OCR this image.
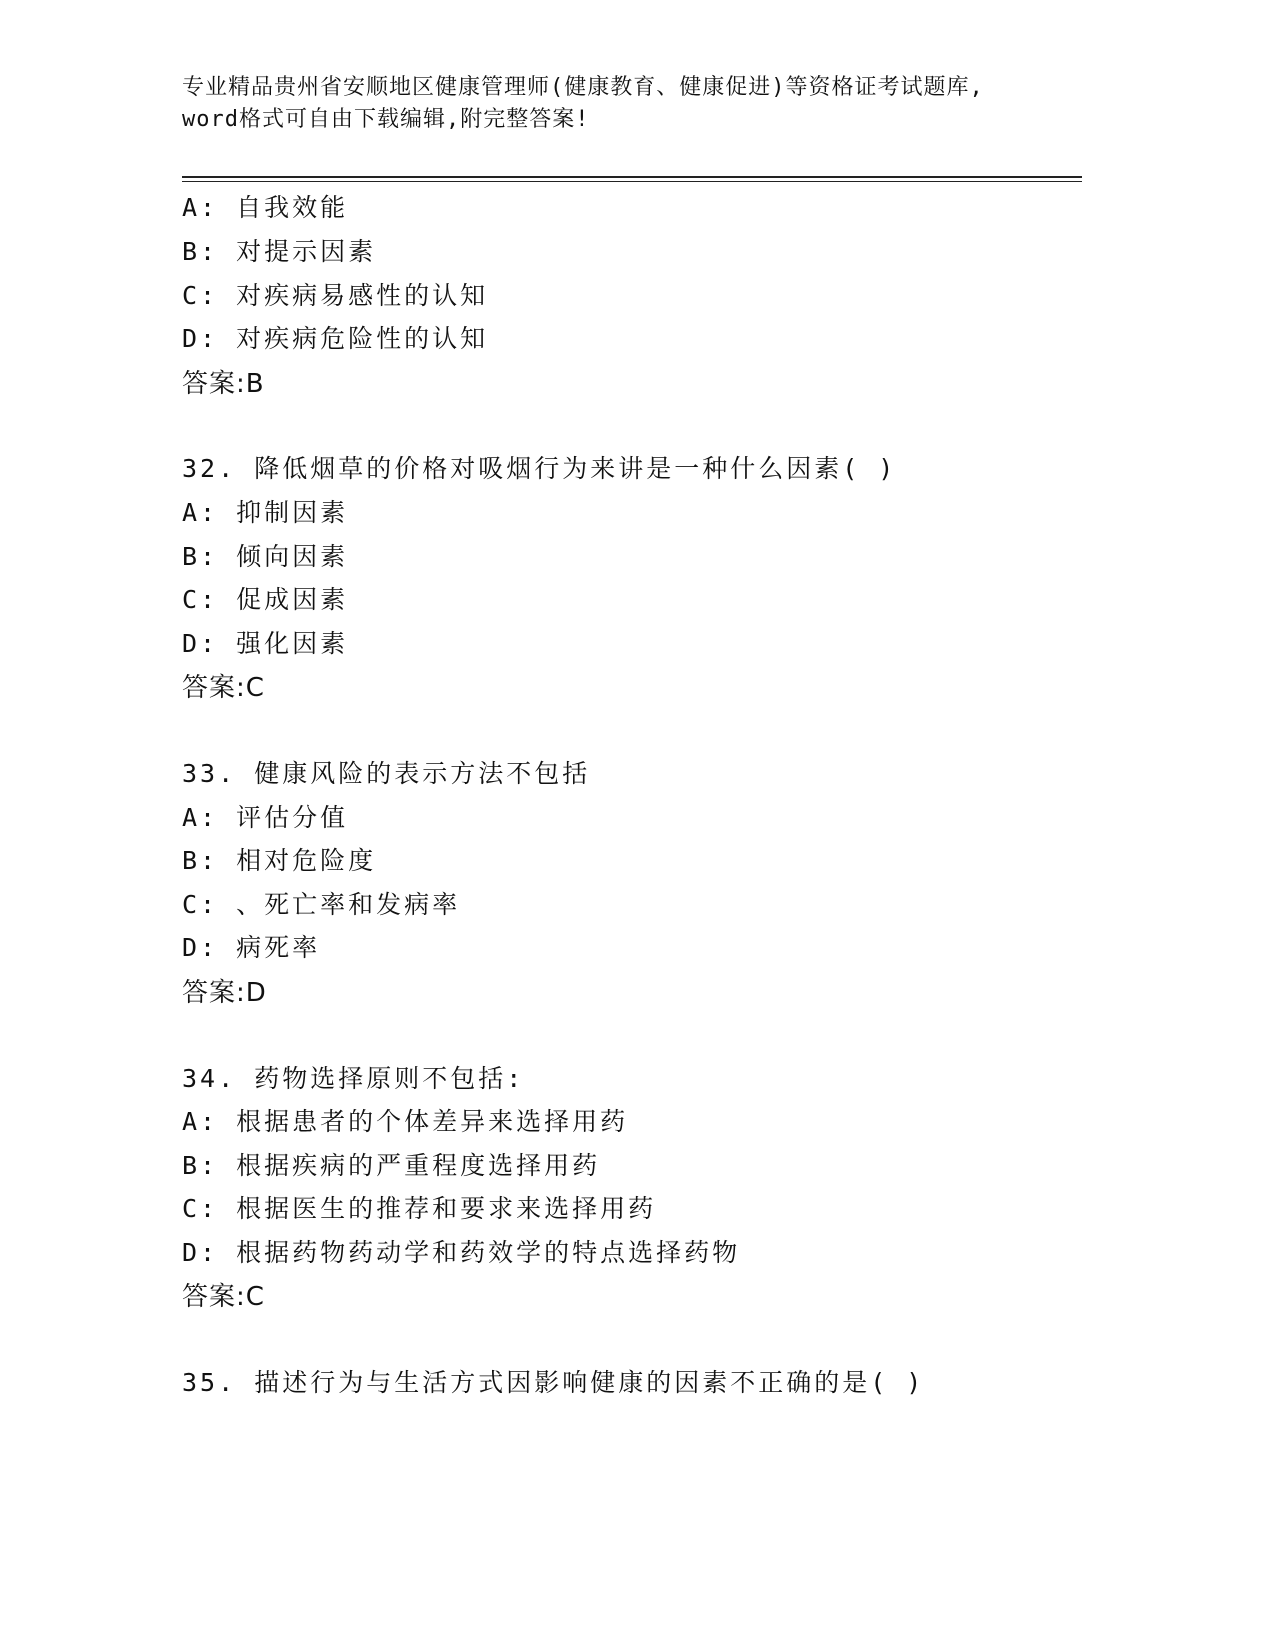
专业精品贵州省安顺地区健康管理师(健康教育、健康促进)等资格证考试题库,
word格式可自由下载编辑,附完整答案!
A: 自我效能
B: 对提示因素
C: 对疾病易感性的认知
D: 对疾病危险性的认知
答案:B
32. 降低烟草的价格对吸烟行为来讲是一种什么因素( )
A: 抑制因素
B: 倾向因素
C: 促成因素
D: 强化因素
答案:C
33. 健康风险的表示方法不包括
A: 评估分值
B: 相对危险度
C: 、死亡率和发病率
D: 病死率
答案:D
34. 药物选择原则不包括:
A: 根据患者的个体差异来选择用药
B: 根据疾病的严重程度选择用药
C: 根据医生的推荐和要求来选择用药
D: 根据药物药动学和药效学的特点选择药物
答案:C
35. 描述行为与生活方式因影响健康的因素不正确的是( )
